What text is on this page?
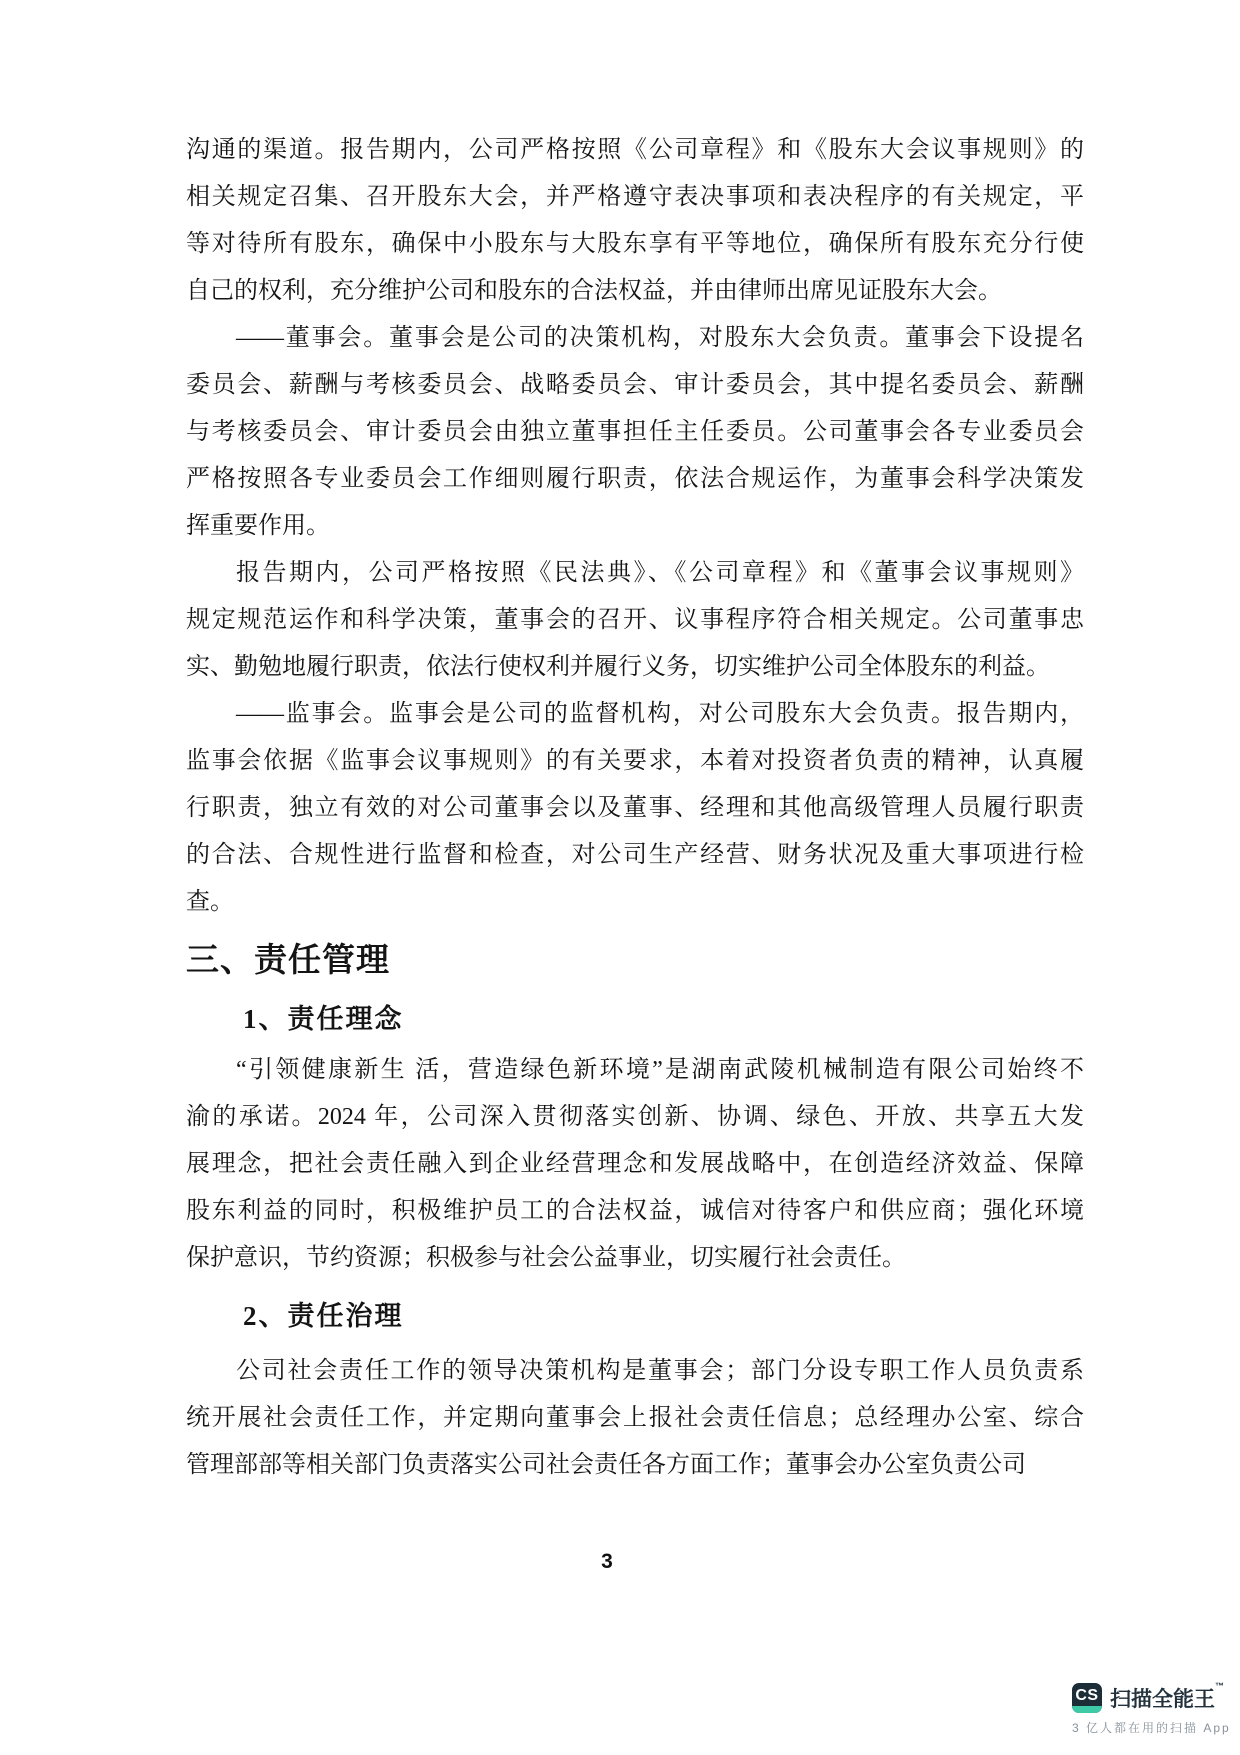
沟通的渠道。报告期内，公司严格按照《公司章程》和《股东大会议事规则》的
相关规定召集、召开股东大会，并严格遵守表决事项和表决程序的有关规定，平
等对待所有股东，确保中小股东与大股东享有平等地位，确保所有股东充分行使
自己的权利，充分维护公司和股东的合法权益，并由律师出席见证股东大会。
——董事会。董事会是公司的决策机构，对股东大会负责。董事会下设提名
委员会、薪酬与考核委员会、战略委员会、审计委员会，其中提名委员会、薪酬
与考核委员会、审计委员会由独立董事担任主任委员。公司董事会各专业委员会
严格按照各专业委员会工作细则履行职责，依法合规运作，为董事会科学决策发
挥重要作用。
报告期内，公司严格按照《民法典》、《公司章程》和《董事会议事规则》
规定规范运作和科学决策，董事会的召开、议事程序符合相关规定。公司董事忠
实、勤勉地履行职责，依法行使权利并履行义务，切实维护公司全体股东的利益。
——监事会。监事会是公司的监督机构，对公司股东大会负责。报告期内，
监事会依据《监事会议事规则》的有关要求，本着对投资者负责的精神，认真履
行职责，独立有效的对公司董事会以及董事、经理和其他高级管理人员履行职责
的合法、合规性进行监督和检查，对公司生产经营、财务状况及重大事项进行检
查。
三、责任管理
1、责任理念
“引领健康新生 活，营造绿色新环境”是湖南武陵机械制造有限公司始终不
渝的承诺。2024 年，公司深入贯彻落实创新、协调、绿色、开放、共享五大发
展理念，把社会责任融入到企业经营理念和发展战略中，在创造经济效益、保障
股东利益的同时，积极维护员工的合法权益，诚信对待客户和供应商；强化环境
保护意识，节约资源；积极参与社会公益事业，切实履行社会责任。
2、责任治理
公司社会责任工作的领导决策机构是董事会；部门分设专职工作人员负责系
统开展社会责任工作，并定期向董事会上报社会责任信息；总经理办公室、综合
管理部部等相关部门负责落实公司社会责任各方面工作；董事会办公室负责公司
3
CS 扫描全能王™
3 亿人都在用的扫描 App
